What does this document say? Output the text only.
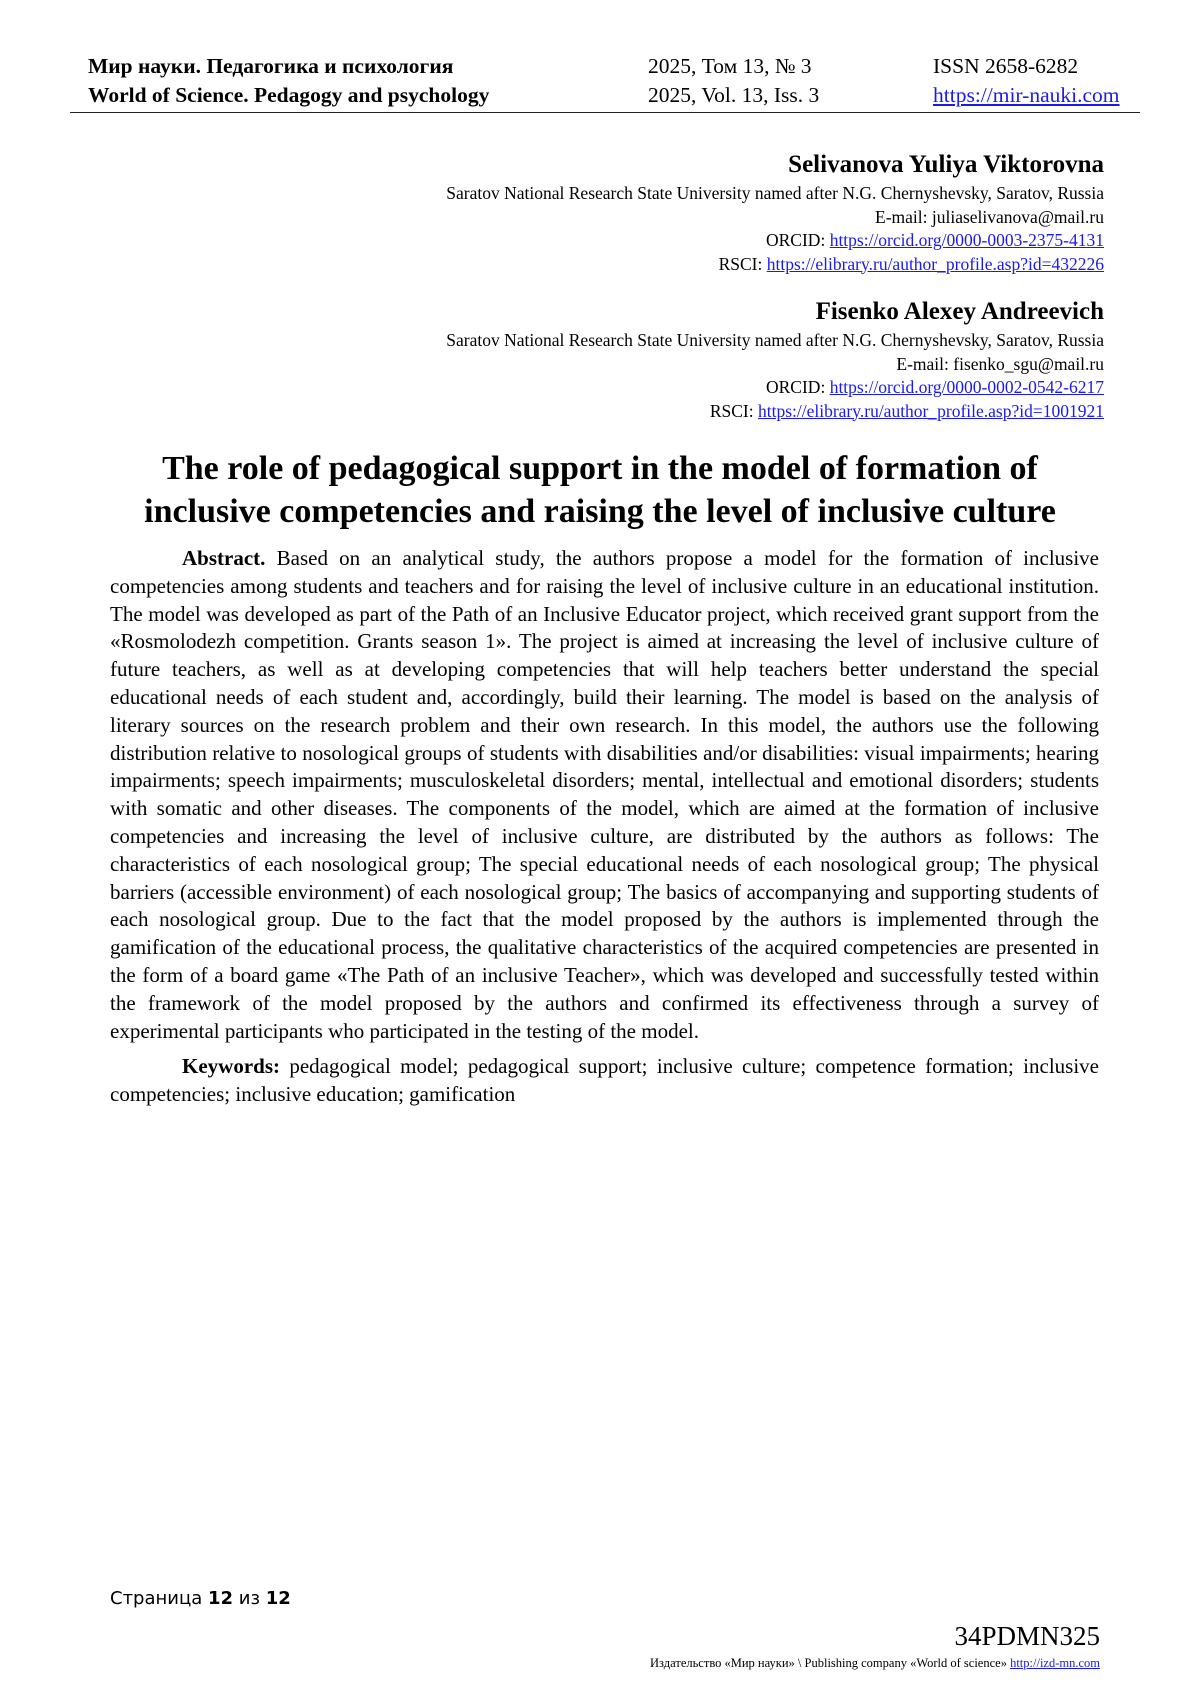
Мир науки. Педагогика и психология	2025, Том 13, № 3	ISSN 2658-6282
World of Science. Pedagogy and psychology	2025, Vol. 13, Iss. 3	https://mir-nauki.com
Selivanova Yuliya Viktorovna
Saratov National Research State University named after N.G. Chernyshevsky, Saratov, Russia
E-mail: juliaselivanova@mail.ru
ORCID: https://orcid.org/0000-0003-2375-4131
RSCI: https://elibrary.ru/author_profile.asp?id=432226
Fisenko Alexey Andreevich
Saratov National Research State University named after N.G. Chernyshevsky, Saratov, Russia
E-mail: fisenko_sgu@mail.ru
ORCID: https://orcid.org/0000-0002-0542-6217
RSCI: https://elibrary.ru/author_profile.asp?id=1001921
The role of pedagogical support in the model of formation of inclusive competencies and raising the level of inclusive culture

Abstract. Based on an analytical study, the authors propose a model for the formation of inclusive competencies among students and teachers and for raising the level of inclusive culture in an educational institution. The model was developed as part of the Path of an Inclusive Educator project, which received grant support from the «Rosmolodezh competition. Grants season 1». The project is aimed at increasing the level of inclusive culture of future teachers, as well as at developing competencies that will help teachers better understand the special educational needs of each student and, accordingly, build their learning. The model is based on the analysis of literary sources on the research problem and their own research. In this model, the authors use the following distribution relative to nosological groups of students with disabilities and/or disabilities: visual impairments; hearing impairments; speech impairments; musculoskeletal disorders; mental, intellectual and emotional disorders; students with somatic and other diseases. The components of the model, which are aimed at the formation of inclusive competencies and increasing the level of inclusive culture, are distributed by the authors as follows: The characteristics of each nosological group; The special educational needs of each nosological group; The physical barriers (accessible environment) of each nosological group; The basics of accompanying and supporting students of each nosological group. Due to the fact that the model proposed by the authors is implemented through the gamification of the educational process, the qualitative characteristics of the acquired competencies are presented in the form of a board game «The Path of an inclusive Teacher», which was developed and successfully tested within the framework of the model proposed by the authors and confirmed its effectiveness through a survey of experimental participants who participated in the testing of the model.

Keywords: pedagogical model; pedagogical support; inclusive culture; competence formation; inclusive competencies; inclusive education; gamification

Страница 12 из 12
34PDMN325
Издательство «Мир науки» \ Publishing company «World of science» http://izd-mn.com
